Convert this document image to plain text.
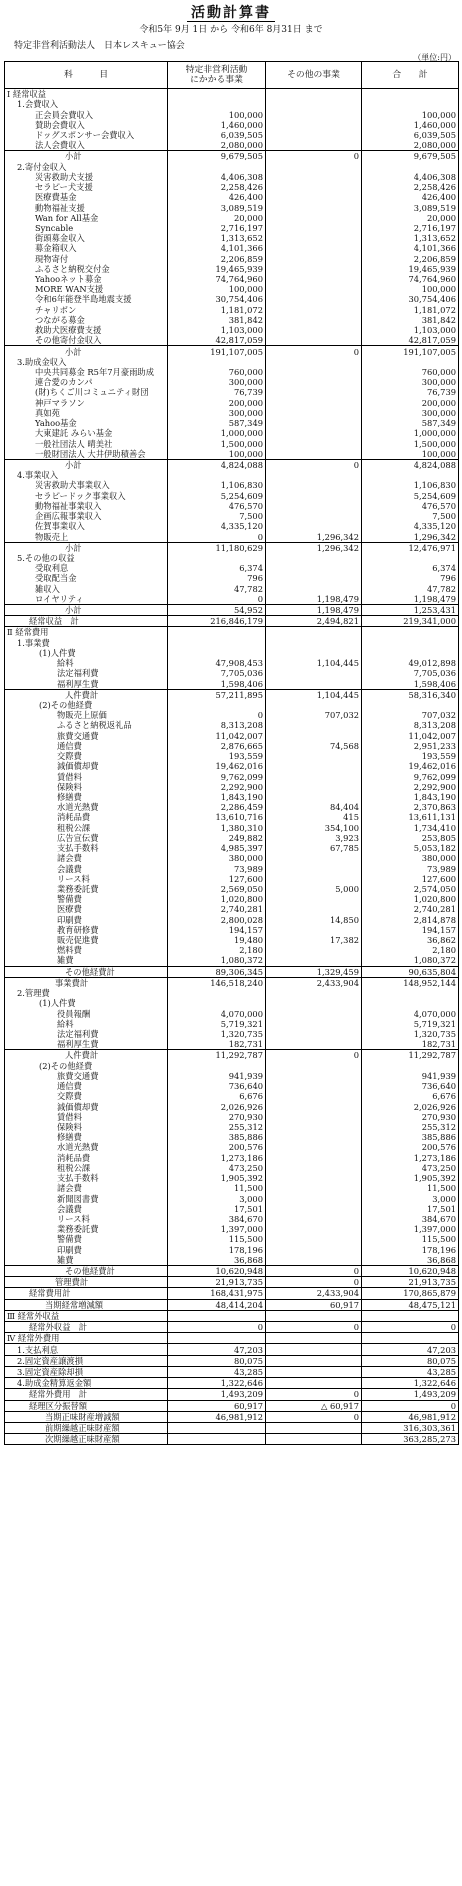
活動計算書
令和5年 9月 1日 から 令和6年 8月31日 まで
特定非営利活動法人　日本レスキュー協会
（単位:円）
科　　　目	特定非営利活動
にかかる事業	その他の事業	合　　計
Ⅰ 経常収益			
1.会費収入			
正会員会費収入	100,000		100,000
賛助会費収入	1,460,000		1,460,000
ドッグスポンサー会費収入	6,039,505		6,039,505
法人会費収入	2,080,000		2,080,000
小計	9,679,505	0	9,679,505
2.寄付金収入			
災害救助犬支援	4,406,308		4,406,308
セラピー犬支援	2,258,426		2,258,426
医療費基金	426,400		426,400
動物福祉支援	3,089,519		3,089,519
Wan for All基金	20,000		20,000
Syncable	2,716,197		2,716,197
街頭募金収入	1,313,652		1,313,652
募金箱収入	4,101,366		4,101,366
現物寄付	2,206,859		2,206,859
ふるさと納税交付金	19,465,939		19,465,939
Yahooネット募金	74,764,960		74,764,960
MORE WAN支援	100,000		100,000
令和6年能登半島地震支援	30,754,406		30,754,406
チャリボン	1,181,072		1,181,072
つながる募金	381,842		381,842
救助犬医療費支援	1,103,000		1,103,000
その他寄付金収入	42,817,059		42,817,059
小計	191,107,005	0	191,107,005
3.助成金収入			
中央共同募金 R5年7月豪雨助成	760,000		760,000
連合愛のカンパ	300,000		300,000
(財)ちくご川コミュニティ財団	76,739		76,739
神戸マラソン	200,000		200,000
真如苑	300,000		300,000
Yahoo基金	587,349		587,349
大東建託 みらい基金	1,000,000		1,000,000
一般社団法人 晴美社	1,500,000		1,500,000
一般財団法人 大井伊助積善会	100,000		100,000
小計	4,824,088	0	4,824,088
4.事業収入			
災害救助犬事業収入	1,106,830		1,106,830
セラピードック事業収入	5,254,609		5,254,609
動物福祉事業収入	476,570		476,570
企画広報事業収入	7,500		7,500
佐賀事業収入	4,335,120		4,335,120
物販売上	0	1,296,342	1,296,342
小計	11,180,629	1,296,342	12,476,971
5.その他の収益			
受取利息	6,374		6,374
受取配当金	796		796
雑収入	47,782		47,782
ロイヤリティ	0	1,198,479	1,198,479
小計	54,952	1,198,479	1,253,431
経常収益　計	216,846,179	2,494,821	219,341,000
Ⅱ 経常費用			
1.事業費			
(1)人件費			
給料	47,908,453	1,104,445	49,012,898
法定福利費	7,705,036		7,705,036
福利厚生費	1,598,406		1,598,406
人件費計	57,211,895	1,104,445	58,316,340
(2)その他経費			
物販売上原価	0	707,032	707,032
ふるさと納税返礼品	8,313,208		8,313,208
旅費交通費	11,042,007		11,042,007
通信費	2,876,665	74,568	2,951,233
交際費	193,559		193,559
減価償却費	19,462,016		19,462,016
賃借料	9,762,099		9,762,099
保険料	2,292,900		2,292,900
修繕費	1,843,190		1,843,190
水道光熱費	2,286,459	84,404	2,370,863
消耗品費	13,610,716	415	13,611,131
租税公課	1,380,310	354,100	1,734,410
広告宣伝費	249,882	3,923	253,805
支払手数料	4,985,397	67,785	5,053,182
諸会費	380,000		380,000
会議費	73,989		73,989
リース料	127,600		127,600
業務委託費	2,569,050	5,000	2,574,050
警備費	1,020,800		1,020,800
医療費	2,740,281		2,740,281
印刷費	2,800,028	14,850	2,814,878
教育研修費	194,157		194,157
販売促進費	19,480	17,382	36,862
燃料費	2,180		2,180
雑費	1,080,372		1,080,372
その他経費計	89,306,345	1,329,459	90,635,804
事業費計	146,518,240	2,433,904	148,952,144
2.管理費			
(1)人件費			
役員報酬	4,070,000		4,070,000
給料	5,719,321		5,719,321
法定福利費	1,320,735		1,320,735
福利厚生費	182,731		182,731
人件費計	11,292,787	0	11,292,787
(2)その他経費			
旅費交通費	941,939		941,939
通信費	736,640		736,640
交際費	6,676		6,676
減価償却費	2,026,926		2,026,926
賃借料	270,930		270,930
保険料	255,312		255,312
修繕費	385,886		385,886
水道光熱費	200,576		200,576
消耗品費	1,273,186		1,273,186
租税公課	473,250		473,250
支払手数料	1,905,392		1,905,392
諸会費	11,500		11,500
新聞図書費	3,000		3,000
会議費	17,501		17,501
リース料	384,670		384,670
業務委託費	1,397,000		1,397,000
警備費	115,500		115,500
印刷費	178,196		178,196
雑費	36,868		36,868
その他経費計	10,620,948	0	10,620,948
管理費計	21,913,735	0	21,913,735
経常費用計	168,431,975	2,433,904	170,865,879
当期経常増減額	48,414,204	60,917	48,475,121
Ⅲ 経常外収益			
経常外収益　計	0	0	0
Ⅳ 経常外費用			
1.支払利息	47,203		47,203
2.固定資産譲渡損	80,075		80,075
3.固定資産除却損	43,285		43,285
4.助成金精算返金額	1,322,646		1,322,646
経常外費用　計	1,493,209	0	1,493,209
経理区分振替額	60,917	△ 60,917	0
当期正味財産増減額	46,981,912	0	46,981,912
前期繰越正味財産額			316,303,361
次期繰越正味財産額			363,285,273
